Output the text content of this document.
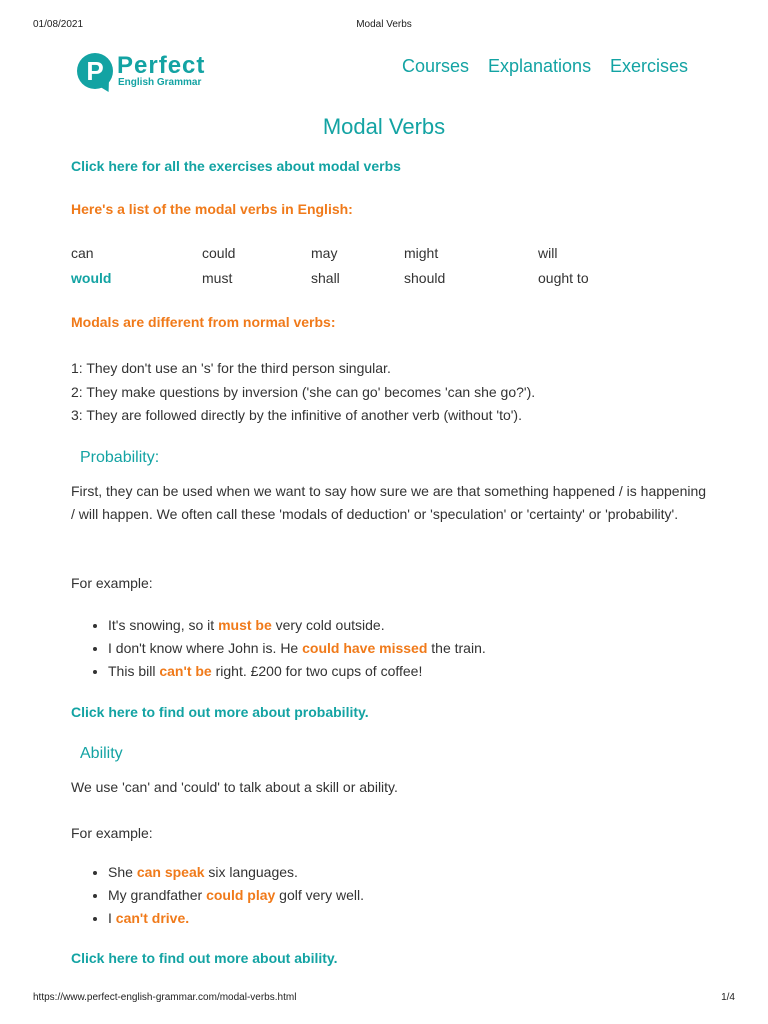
01/08/2021	Modal Verbs
P Perfect
English Grammar
Courses Explanations Exercises
Modal Verbs
Click here for all the exercises about modal verbs
Here's a list of the modal verbs in English:
can	could	may	might	will
would	must	shall	should	ought to
Modals are different from normal verbs:
1: They don't use an 's' for the third person singular.
2: They make questions by inversion ('she can go' becomes 'can she go?').
3: They are followed directly by the infinitive of another verb (without 'to').
Probability:
First, they can be used when we want to say how sure we are that something happened / is happening / will happen. We often call these 'modals of deduction' or 'speculation' or 'certainty' or 'probability'.
For example:
• It's snowing, so it must be very cold outside.
• I don't know where John is. He could have missed the train.
• This bill can't be right. £200 for two cups of coffee!
Click here to find out more about probability.
Ability
We use 'can' and 'could' to talk about a skill or ability.
For example:
• She can speak six languages.
• My grandfather could play golf very well.
• I can't drive.
Click here to find out more about ability.
https://www.perfect-english-grammar.com/modal-verbs.html	1/4
